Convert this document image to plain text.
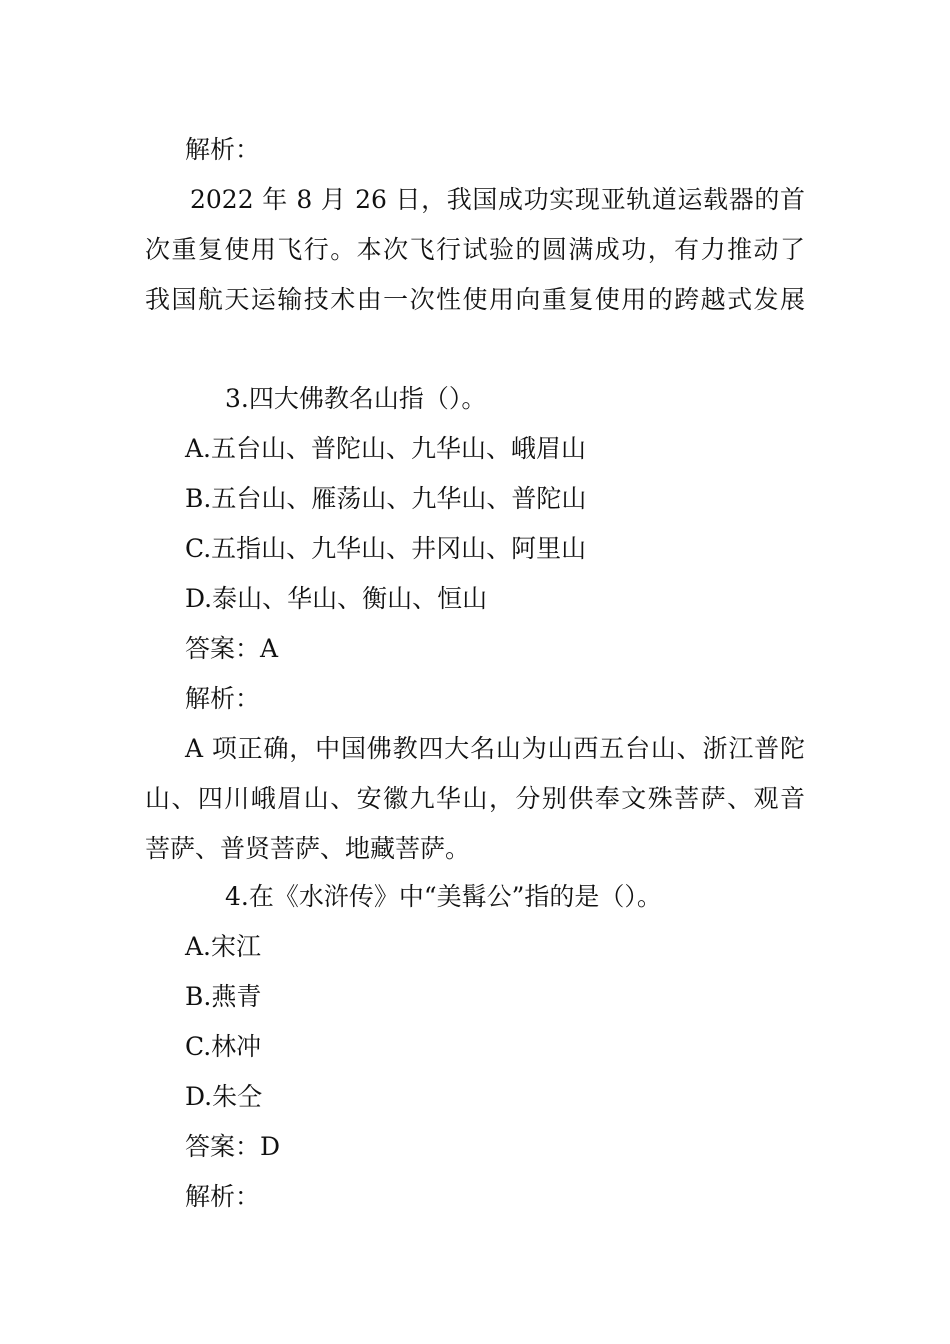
解析：
2022 年 8 月 26 日，我国成功实现亚轨道运载器的首
次重复使用飞行。本次飞行试验的圆满成功，有力推动了
我国航天运输技术由一次性使用向重复使用的跨越式发展
3.四大佛教名山指（）。
A.五台山、普陀山、九华山、峨眉山
B.五台山、雁荡山、九华山、普陀山
C.五指山、九华山、井冈山、阿里山
D.泰山、华山、衡山、恒山
答案：A
解析：
A 项正确，中国佛教四大名山为山西五台山、浙江普陀
山、四川峨眉山、安徽九华山，分别供奉文殊菩萨、观音
菩萨、普贤菩萨、地藏菩萨。
4.在《水浒传》中“美髯公”指的是（）。
A.宋江
B.燕青
C.林冲
D.朱仝
答案：D
解析：
